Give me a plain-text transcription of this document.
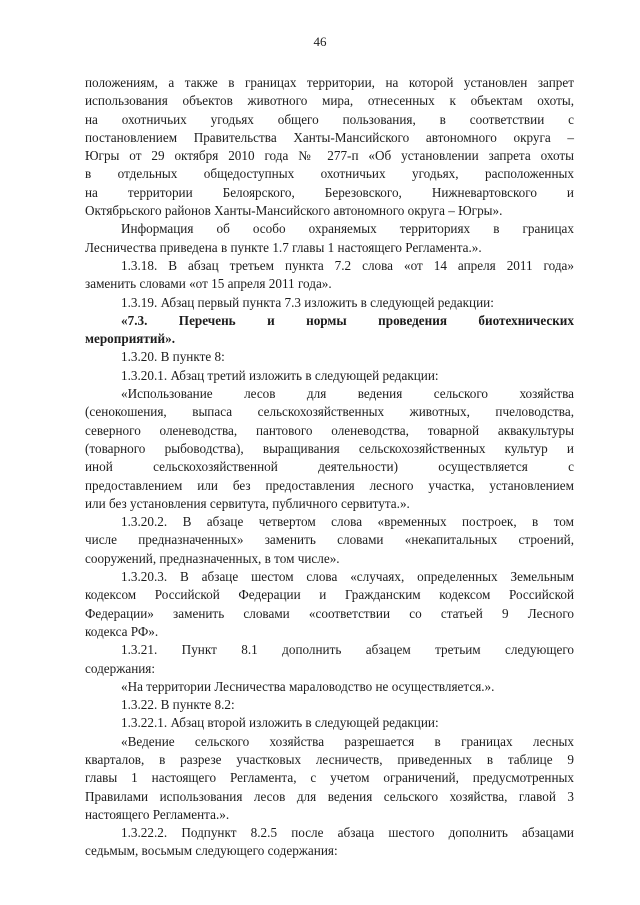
46
положениям, а также в границах территории, на которой установлен запрет
использования объектов животного мира, отнесенных к объектам охоты,
на охотничьих угодьях общего пользования, в соответствии с
постановлением Правительства Ханты-Мансийского автономного округа –
Югры от 29 октября 2010 года № 277-п «Об установлении запрета охоты
в отдельных общедоступных охотничьих угодьях, расположенных
на территории Белоярского, Березовского, Нижневартовского и
Октябрьского районов Ханты-Мансийского автономного округа – Югры».
Информация об особо охраняемых территориях в границах
Лесничества приведена в пункте 1.7 главы 1 настоящего Регламента.».
1.3.18. В абзац третьем пункта 7.2 слова «от 14 апреля 2011 года»
заменить словами «от 15 апреля 2011 года».
1.3.19. Абзац первый пункта 7.3 изложить в следующей редакции:
«7.3. Перечень и нормы проведения биотехнических
мероприятий».
1.3.20. В пункте 8:
1.3.20.1. Абзац третий изложить в следующей редакции:
«Использование лесов для ведения сельского хозяйства
(сенокошения, выпаса сельскохозяйственных животных, пчеловодства,
северного оленеводства, пантового оленеводства, товарной аквакультуры
(товарного рыбоводства), выращивания сельскохозяйственных культур и
иной сельскохозяйственной деятельности) осуществляется с
предоставлением или без предоставления лесного участка, установлением
или без установления сервитута, публичного сервитута.».
1.3.20.2. В абзаце четвертом слова «временных построек, в том
числе предназначенных» заменить словами «некапитальных строений,
сооружений, предназначенных, в том числе».
1.3.20.3. В абзаце шестом слова «случаях, определенных Земельным
кодексом Российской Федерации и Гражданским кодексом Российской
Федерации» заменить словами «соответствии со статьей 9 Лесного
кодекса РФ».
1.3.21. Пункт 8.1 дополнить абзацем третьим следующего
содержания:
«На территории Лесничества мараловодство не осуществляется.».
1.3.22. В пункте 8.2:
1.3.22.1. Абзац второй изложить в следующей редакции:
«Ведение сельского хозяйства разрешается в границах лесных
кварталов, в разрезе участковых лесничеств, приведенных в таблице 9
главы 1 настоящего Регламента, с учетом ограничений, предусмотренных
Правилами использования лесов для ведения сельского хозяйства, главой 3
настоящего Регламента.».
1.3.22.2. Подпункт 8.2.5 после абзаца шестого дополнить абзацами
седьмым, восьмым следующего содержания:
